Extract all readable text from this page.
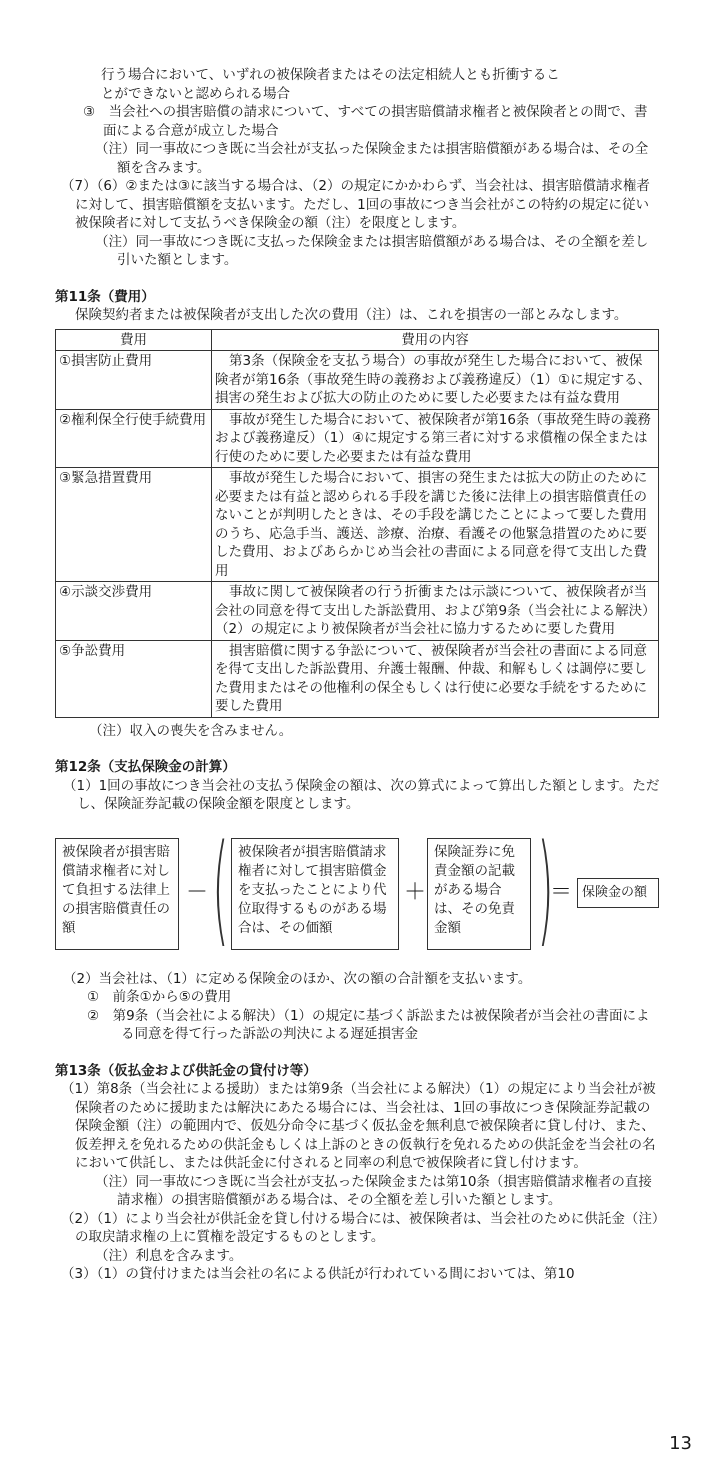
行う場合において、いずれの被保険者またはその法定相続人とも折衝するこ

とができないと認められる場合

③　当会社への損害賠償の請求について、すべての損害賠償請求権者と被保険者との間で、書面による合意が成立した場合

（注）同一事故につき既に当会社が支払った保険金または損害賠償額がある場合は、その全額を含みます。

（7）（6）②または③に該当する場合は、（2）の規定にかかわらず、当会社は、損害賠償請求権者に対して、損害賠償額を支払います。ただし、1回の事故につき当会社がこの特約の規定に従い被保険者に対して支払うべき保険金の額（注）を限度とします。

（注）同一事故につき既に支払った保険金または損害賠償額がある場合は、その全額を差し引いた額とします。

第11条（費用）

保険契約者または被保険者が支出した次の費用（注）は、これを損害の一部とみなします。

費用	費用の内容
①損害防止費用	第3条（保険金を支払う場合）の事故が発生した場合において、被保険者が第16条（事故発生時の義務および義務違反）（1）①に規定する、損害の発生および拡大の防止のために要した必要または有益な費用
②権利保全行使手続費用	事故が発生した場合において、被保険者が第16条（事故発生時の義務および義務違反）（1）④に規定する第三者に対する求償権の保全または行使のために要した必要または有益な費用
③緊急措置費用	事故が発生した場合において、損害の発生または拡大の防止のために必要または有益と認められる手段を講じた後に法律上の損害賠償責任のないことが判明したときは、その手段を講じたことによって要した費用のうち、応急手当、護送、診療、治療、看護その他緊急措置のために要した費用、およびあらかじめ当会社の書面による同意を得て支出した費用
④示談交渉費用	事故に関して被保険者の行う折衝または示談について、被保険者が当会社の同意を得て支出した訴訟費用、および第9条（当会社による解決）（2）の規定により被保険者が当会社に協力するために要した費用
⑤争訟費用	損害賠償に関する争訟について、被保険者が当会社の書面による同意を得て支出した訴訟費用、弁護士報酬、仲裁、和解もしくは調停に要した費用またはその他権利の保全もしくは行使に必要な手続をするために要した費用

（注）収入の喪失を含みません。

第12条（支払保険金の計算）

（1）1回の事故につき当会社の支払う保険金の額は、次の算式によって算出した額とします。ただし、保険証券記載の保険金額を限度とします。

被保険者が損害賠償請求権者に対して負担する法律上の損害賠償責任の額
－ ( 被保険者が損害賠償請求権者に対して損害賠償金を支払ったことにより代位取得するものがある場合は、その価額
＋
保険証券に免責金額の記載がある場合は、その免責金額 )
＝ 保険金の額

（2）当会社は、（1）に定める保険金のほか、次の額の合計額を支払います。

①　前条①から⑤の費用

②　第9条（当会社による解決）（1）の規定に基づく訴訟または被保険者が当会社の書面による同意を得て行った訴訟の判決による遅延損害金

第13条（仮払金および供託金の貸付け等）

（1）第8条（当会社による援助）または第9条（当会社による解決）（1）の規定により当会社が被保険者のために援助または解決にあたる場合には、当会社は、1回の事故につき保険証券記載の保険金額（注）の範囲内で、仮処分命令に基づく仮払金を無利息で被保険者に貸し付け、また、仮差押えを免れるための供託金もしくは上訴のときの仮執行を免れるための供託金を当会社の名において供託し、または供託金に付されると同率の利息で被保険者に貸し付けます。

（注）同一事故につき既に当会社が支払った保険金または第10条（損害賠償請求権者の直接請求権）の損害賠償額がある場合は、その全額を差し引いた額とします。

（2）（1）により当会社が供託金を貸し付ける場合には、被保険者は、当会社のために供託金（注）の取戻請求権の上に質権を設定するものとします。

（注）利息を含みます。

（3）（1）の貸付けまたは当会社の名による供託が行われている間においては、第10

13
